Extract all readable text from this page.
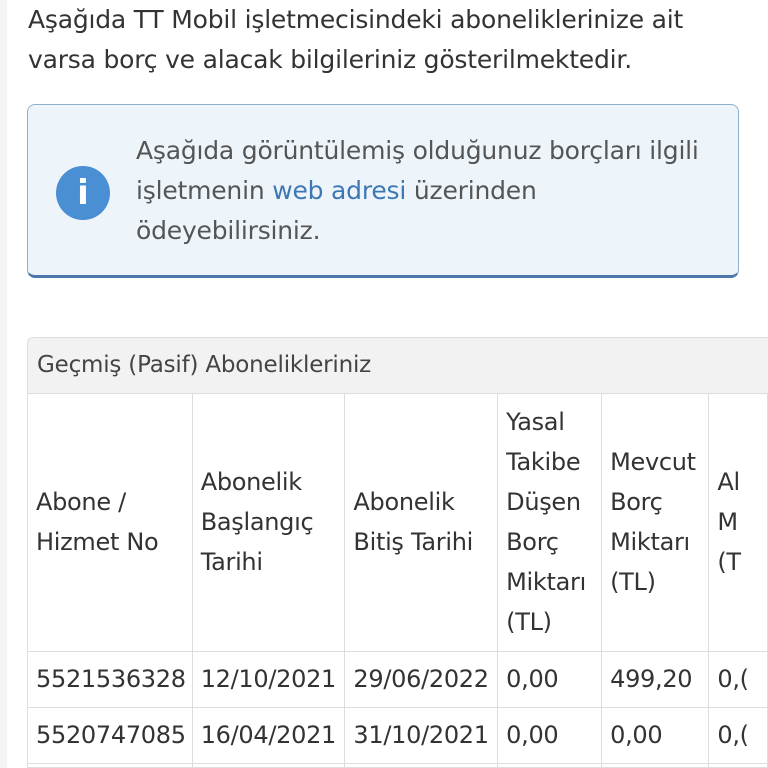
Aşağıda TT Mobil işletmecisindeki aboneliklerinize ait varsa borç ve alacak bilgileriniz gösterilmektedir.

i

Aşağıda görüntülemiş olduğunuz borçları ilgili işletmenin web adresi üzerinden ödeyebilirsiniz.

Geçmiş (Pasif) Abonelikleriniz
Abone / Hizmet No	Abonelik Başlangıç Tarihi	Abonelik Bitiş Tarihi	Yasal Takibe Düşen Borç Miktarı (TL)	Mevcut Borç Miktarı (TL)	Al M (T
5521536328	12/10/2021	29/06/2022	0,00	499,20	0,(
5520747085	16/04/2021	31/10/2021	0,00	0,00	0,(
